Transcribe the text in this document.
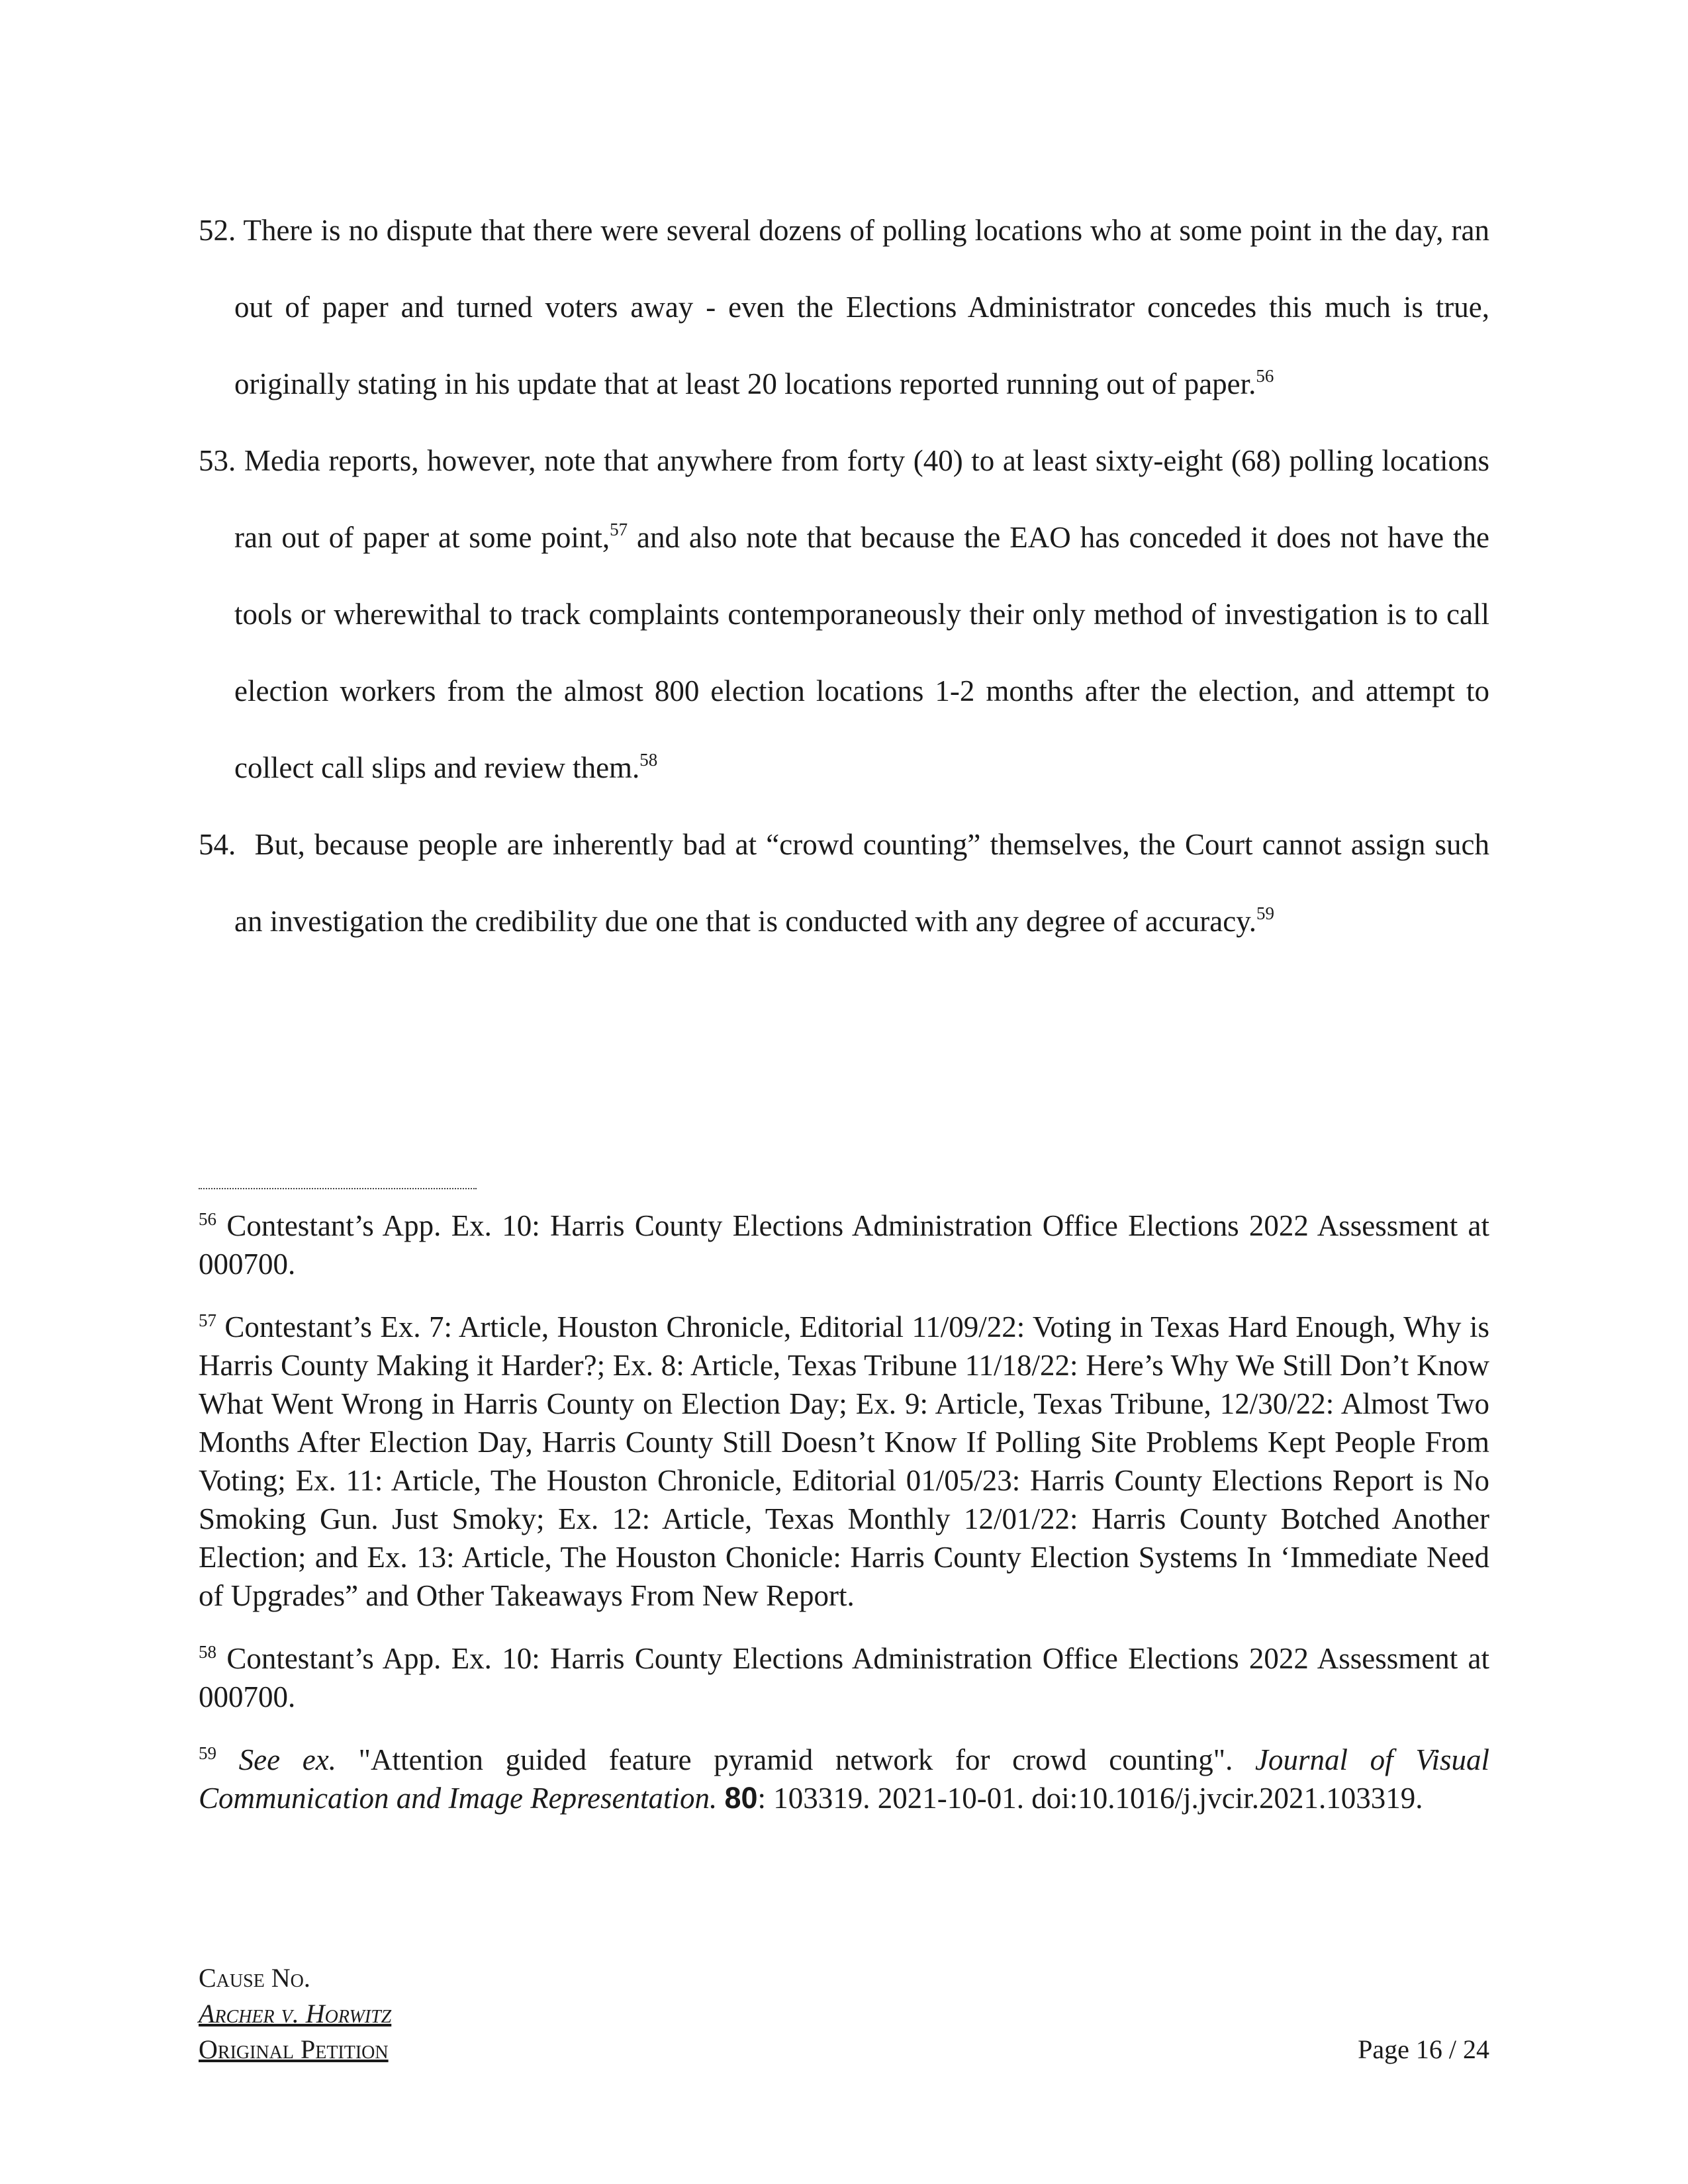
52. There is no dispute that there were several dozens of polling locations who at some point in the day, ran out of paper and turned voters away - even the Elections Administrator concedes this much is true, originally stating in his update that at least 20 locations reported running out of paper.$^{56}$

53. Media reports, however, note that anywhere from forty (40) to at least sixty-eight (68) polling locations ran out of paper at some point,$^{57}$ and also note that because the EAO has conceded it does not have the tools or wherewithal to track complaints contemporaneously their only method of investigation is to call election workers from the almost 800 election locations 1-2 months after the election, and attempt to collect call slips and review them.$^{58}$

54. But, because people are inherently bad at “crowd counting” themselves, the Court cannot assign such an investigation the credibility due one that is conducted with any degree of accuracy.$^{59}$

$^{56}$ Contestant’s App. Ex. 10: Harris County Elections Administration Office Elections 2022 Assessment at 000700.

$^{57}$ Contestant’s Ex. 7: Article, Houston Chronicle, Editorial 11/09/22: Voting in Texas Hard Enough, Why is Harris County Making it Harder?; Ex. 8: Article, Texas Tribune 11/18/22: Here’s Why We Still Don’t Know What Went Wrong in Harris County on Election Day; Ex. 9: Article, Texas Tribune, 12/30/22: Almost Two Months After Election Day, Harris County Still Doesn’t Know If Polling Site Problems Kept People From Voting; Ex. 11: Article, The Houston Chronicle, Editorial 01/05/23: Harris County Elections Report is No Smoking Gun. Just Smoky; Ex. 12: Article, Texas Monthly 12/01/22: Harris County Botched Another Election; and Ex. 13: Article, The Houston Chonicle: Harris County Election Systems In ‘Immediate Need of Upgrades” and Other Takeaways From New Report.

$^{58}$ Contestant’s App. Ex. 10: Harris County Elections Administration Office Elections 2022 Assessment at 000700.

$^{59}$ See ex. "Attention guided feature pyramid network for crowd counting". Journal of Visual Communication and Image Representation. 80: 103319. 2021-10-01. doi:10.1016/j.jvcir.2021.103319.

Cause No.
Archer v. Horwitz
Original Petition	Page 16 / 24
